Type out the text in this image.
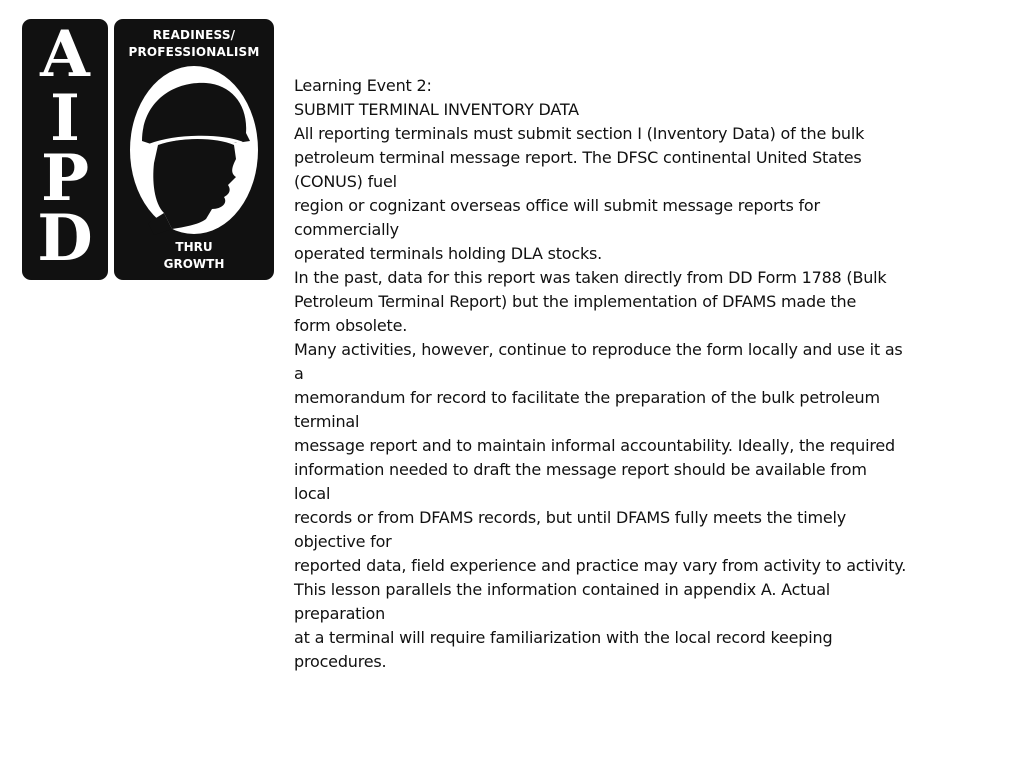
A
I
P
D
READINESS/
PROFESSIONALISM
THRU
GROWTH
Learning Event 2:
SUBMIT TERMINAL INVENTORY DATA
All reporting terminals must submit section I (Inventory Data) of the bulk
petroleum terminal message report. The DFSC continental United States
(CONUS) fuel
region or cognizant overseas office will submit message reports for
commercially
operated terminals holding DLA stocks.
In the past, data for this report was taken directly from DD Form 1788 (Bulk
Petroleum Terminal Report) but the implementation of DFAMS made the
form obsolete.
Many activities, however, continue to reproduce the form locally and use it as
a
memorandum for record to facilitate the preparation of the bulk petroleum
terminal
message report and to maintain informal accountability. Ideally, the required
information needed to draft the message report should be available from
local
records or from DFAMS records, but until DFAMS fully meets the timely
objective for
reported data, field experience and practice may vary from activity to activity.
This lesson parallels the information contained in appendix A. Actual
preparation
at a terminal will require familiarization with the local record keeping
procedures.
